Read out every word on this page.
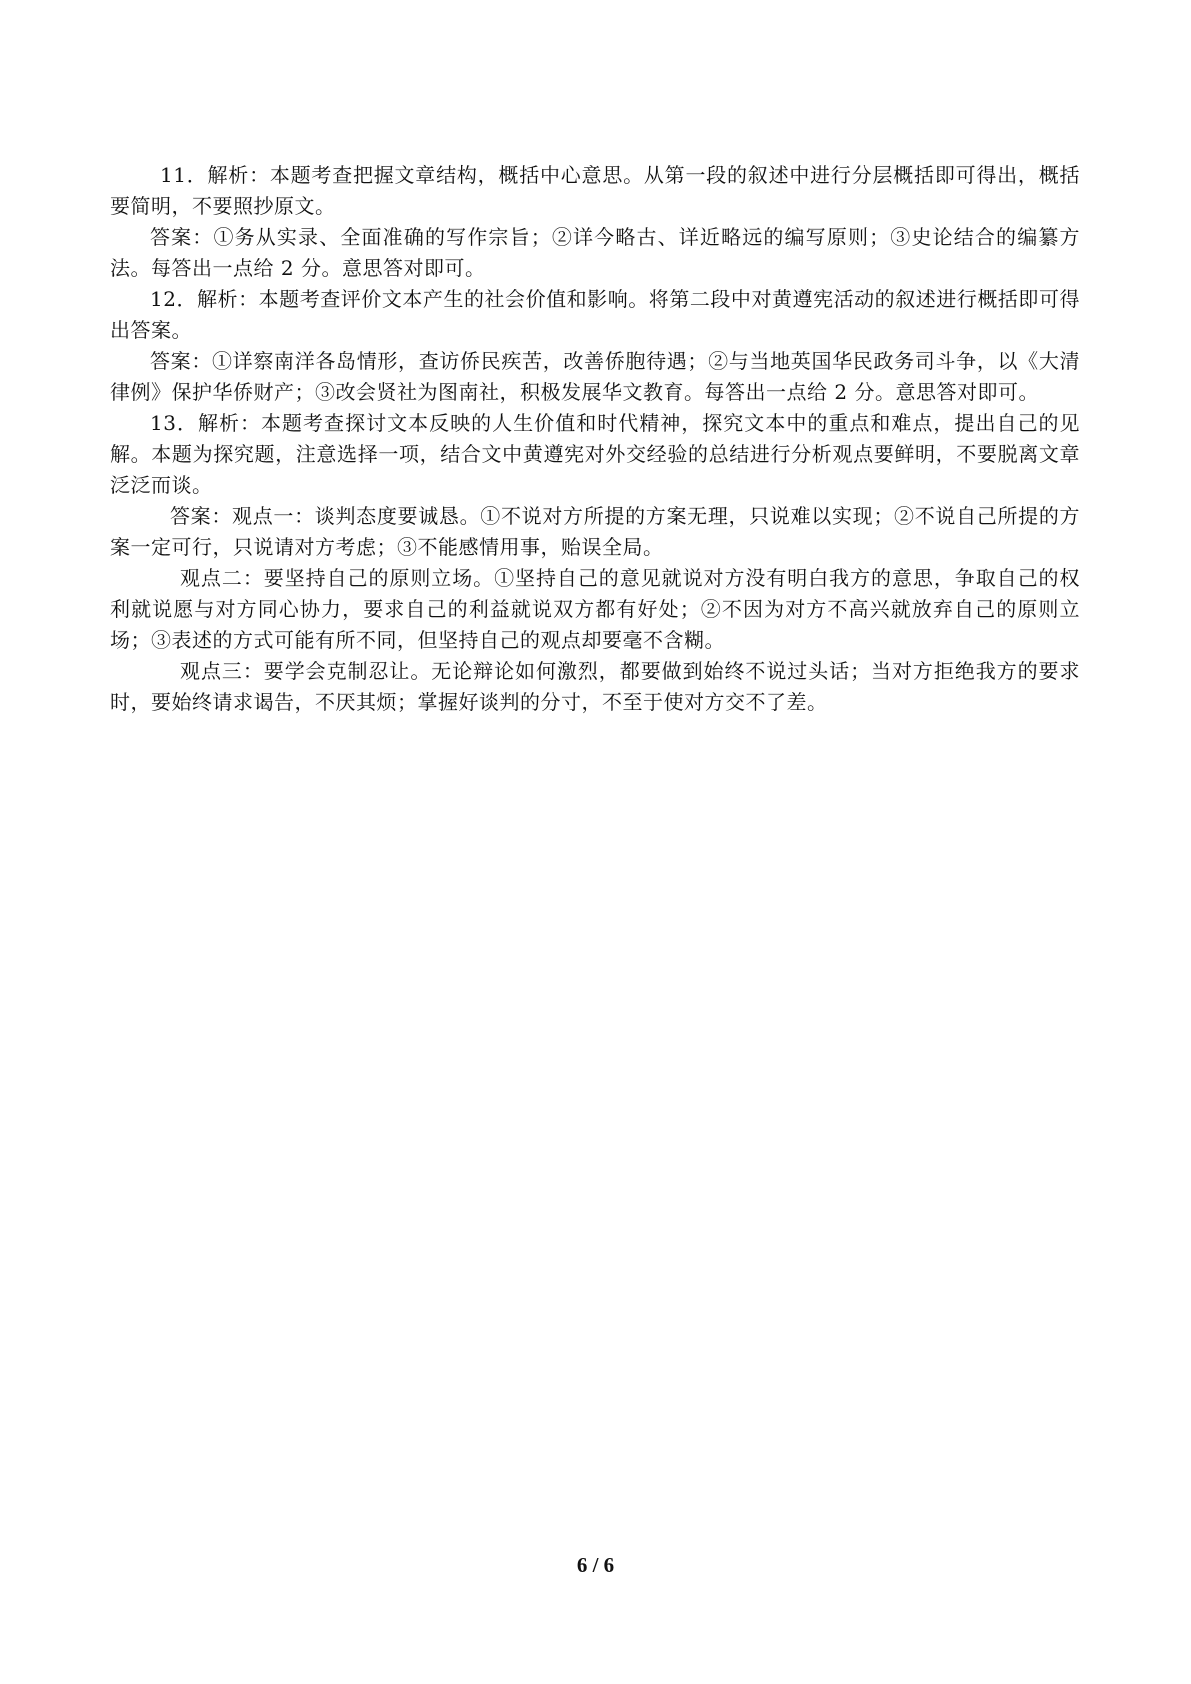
11．解析：本题考查把握文章结构，概括中心意思。从第一段的叙述中进行分层概括即可得出，概括要简明，不要照抄原文。

答案：①务从实录、全面准确的写作宗旨；②详今略古、详近略远的编写原则；③史论结合的编纂方法。每答出一点给 2 分。意思答对即可。

12．解析：本题考查评价文本产生的社会价值和影响。将第二段中对黄遵宪活动的叙述进行概括即可得出答案。

答案：①详察南洋各岛情形，查访侨民疾苦，改善侨胞待遇；②与当地英国华民政务司斗争，以《大清律例》保护华侨财产；③改会贤社为图南社，积极发展华文教育。每答出一点给 2 分。意思答对即可。

13．解析：本题考查探讨文本反映的人生价值和时代精神，探究文本中的重点和难点，提出自己的见解。本题为探究题，注意选择一项，结合文中黄遵宪对外交经验的总结进行分析观点要鲜明，不要脱离文章泛泛而谈。

答案：观点一：谈判态度要诚恳。①不说对方所提的方案无理，只说难以实现；②不说自己所提的方案一定可行，只说请对方考虑；③不能感情用事，贻误全局。

观点二：要坚持自己的原则立场。①坚持自己的意见就说对方没有明白我方的意思，争取自己的权利就说愿与对方同心协力，要求自己的利益就说双方都有好处；②不因为对方不高兴就放弃自己的原则立场；③表述的方式可能有所不同，但坚持自己的观点却要毫不含糊。

观点三：要学会克制忍让。无论辩论如何激烈，都要做到始终不说过头话；当对方拒绝我方的要求时，要始终请求谒告，不厌其烦；掌握好谈判的分寸，不至于使对方交不了差。

6 / 6
